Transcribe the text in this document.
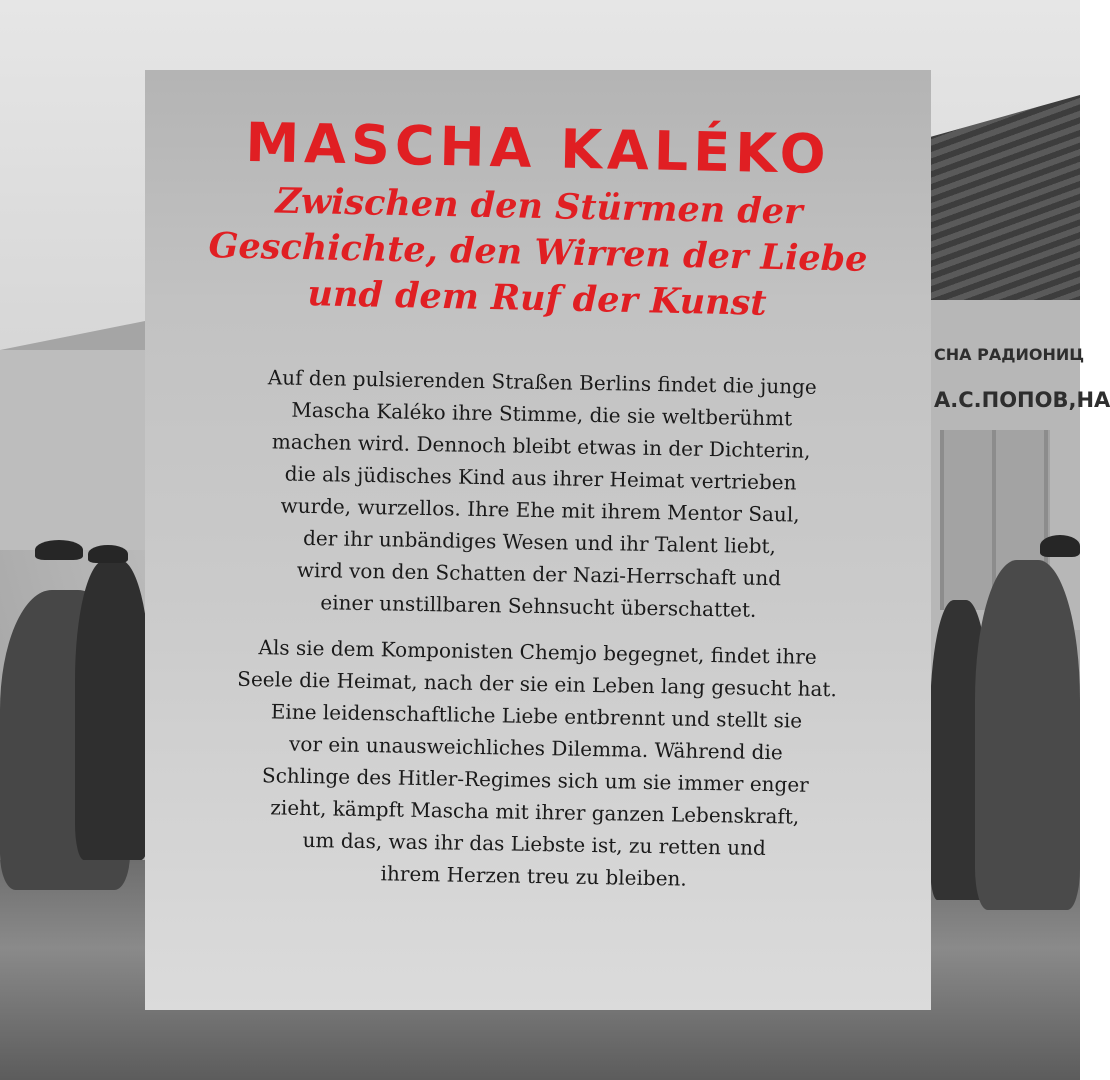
СНА РАДИОНИЦ
А.С.ПОПОВ,НА
MASCHA KALÉKO
Zwischen den Stürmen der
Geschichte, den Wirren der Liebe
und dem Ruf der Kunst

Auf den pulsierenden Straßen Berlins findet die junge
Mascha Kaléko ihre Stimme, die sie weltberühmt
machen wird. Dennoch bleibt etwas in der Dichterin,
die als jüdisches Kind aus ihrer Heimat vertrieben
wurde, wurzellos. Ihre Ehe mit ihrem Mentor Saul,
der ihr unbändiges Wesen und ihr Talent liebt,
wird von den Schatten der Nazi-Herrschaft und
einer unstillbaren Sehnsucht überschattet.

Als sie dem Komponisten Chemjo begegnet, findet ihre
Seele die Heimat, nach der sie ein Leben lang gesucht hat.
Eine leidenschaftliche Liebe entbrennt und stellt sie
vor ein unausweichliches Dilemma. Während die
Schlinge des Hitler-Regimes sich um sie immer enger
zieht, kämpft Mascha mit ihrer ganzen Lebenskraft,
um das, was ihr das Liebste ist, zu retten und
ihrem Herzen treu zu bleiben.
